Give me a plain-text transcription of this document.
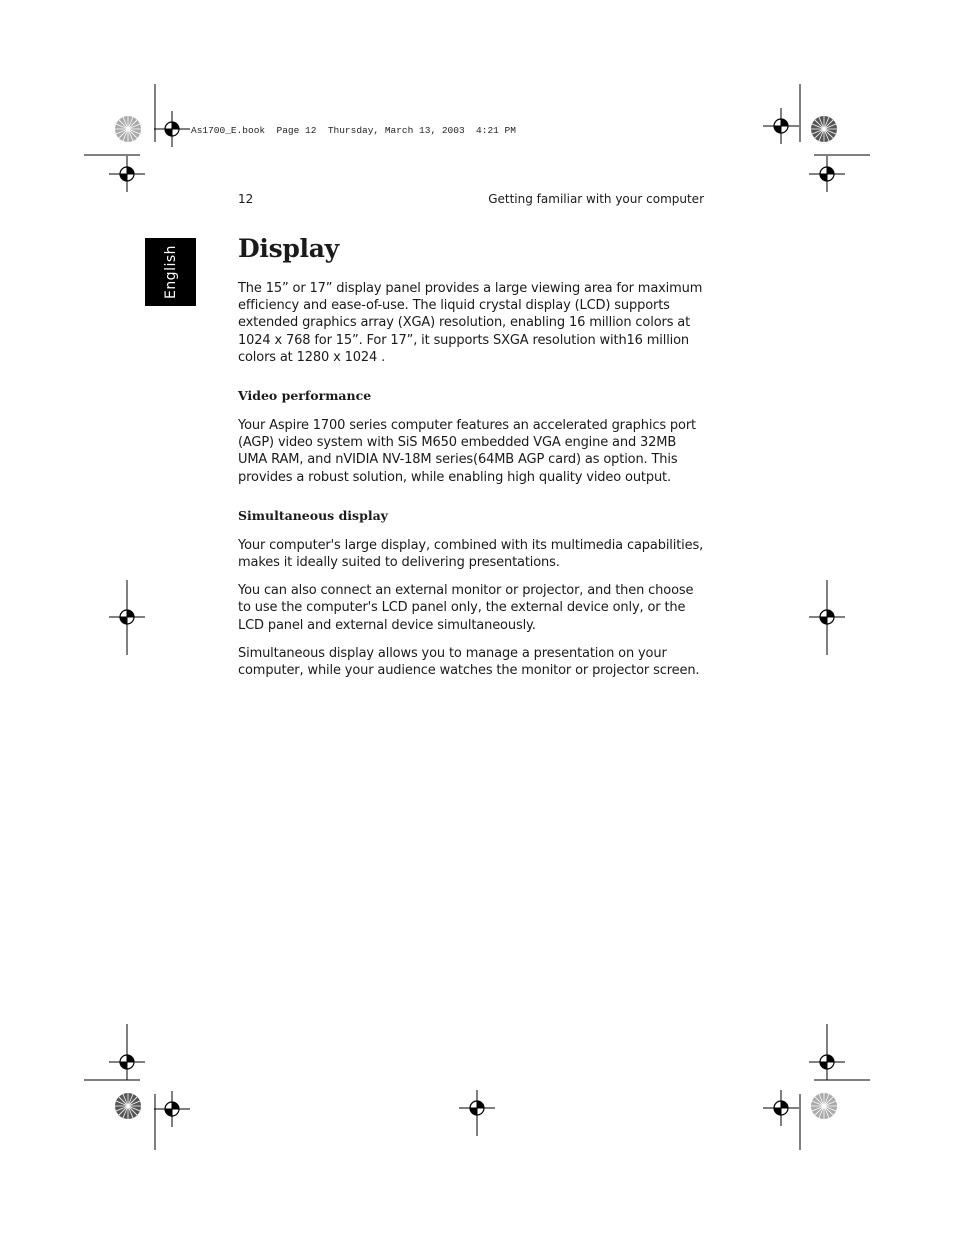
As1700_E.book  Page 12  Thursday, March 13, 2003  4:21 PM
12	Getting familiar with your computer
English Display

The 15” or 17” display panel provides a large viewing area for maximum efficiency and ease-of-use. The liquid crystal display (LCD) supports extended graphics array (XGA) resolution, enabling 16 million colors at 1024 x 768 for 15”. For 17”, it supports SXGA resolution with16 million colors at 1280 x 1024 .

Video performance

Your Aspire 1700 series computer features an accelerated graphics port (AGP) video system with SiS M650 embedded VGA engine and 32MB UMA RAM, and nVIDIA NV-18M series(64MB AGP card) as option. This provides a robust solution, while enabling high quality video output.

Simultaneous display

Your computer's large display, combined with its multimedia capabilities, makes it ideally suited to delivering presentations.

You can also connect an external monitor or projector, and then choose to use the computer's LCD panel only, the external device only, or the LCD panel and external device simultaneously.

Simultaneous display allows you to manage a presentation on your computer, while your audience watches the monitor or projector screen.
